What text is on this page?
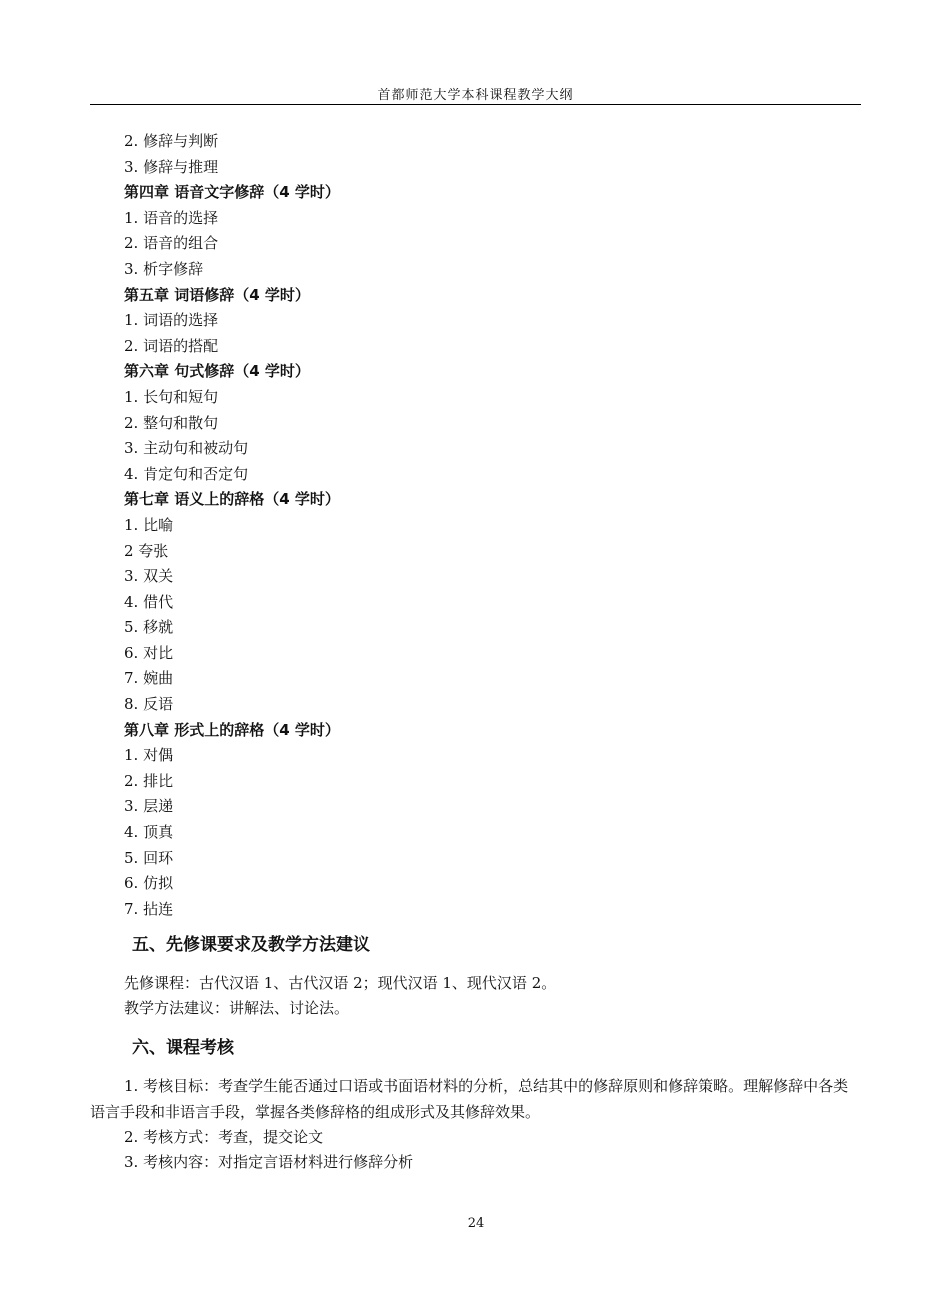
首都师范大学本科课程教学大纲
2. 修辞与判断
3. 修辞与推理
第四章 语音文字修辞（4 学时）
1. 语音的选择
2. 语音的组合
3. 析字修辞
第五章 词语修辞（4 学时）
1. 词语的选择
2. 词语的搭配
第六章 句式修辞（4 学时）
1. 长句和短句
2. 整句和散句
3. 主动句和被动句
4. 肯定句和否定句
第七章 语义上的辞格（4 学时）
1. 比喻
2 夸张
3. 双关
4. 借代
5. 移就
6. 对比
7. 婉曲
8. 反语
第八章 形式上的辞格（4 学时）
1. 对偶
2. 排比
3. 层递
4. 顶真
5. 回环
6. 仿拟
7. 拈连
五、先修课要求及教学方法建议
先修课程：古代汉语 1、古代汉语 2；现代汉语 1、现代汉语 2。
教学方法建议：讲解法、讨论法。
六、课程考核
1. 考核目标：考查学生能否通过口语或书面语材料的分析，总结其中的修辞原则和修辞策略。理解修辞中各类语言手段和非语言手段，掌握各类修辞格的组成形式及其修辞效果。
2. 考核方式：考查，提交论文
3. 考核内容：对指定言语材料进行修辞分析
24
